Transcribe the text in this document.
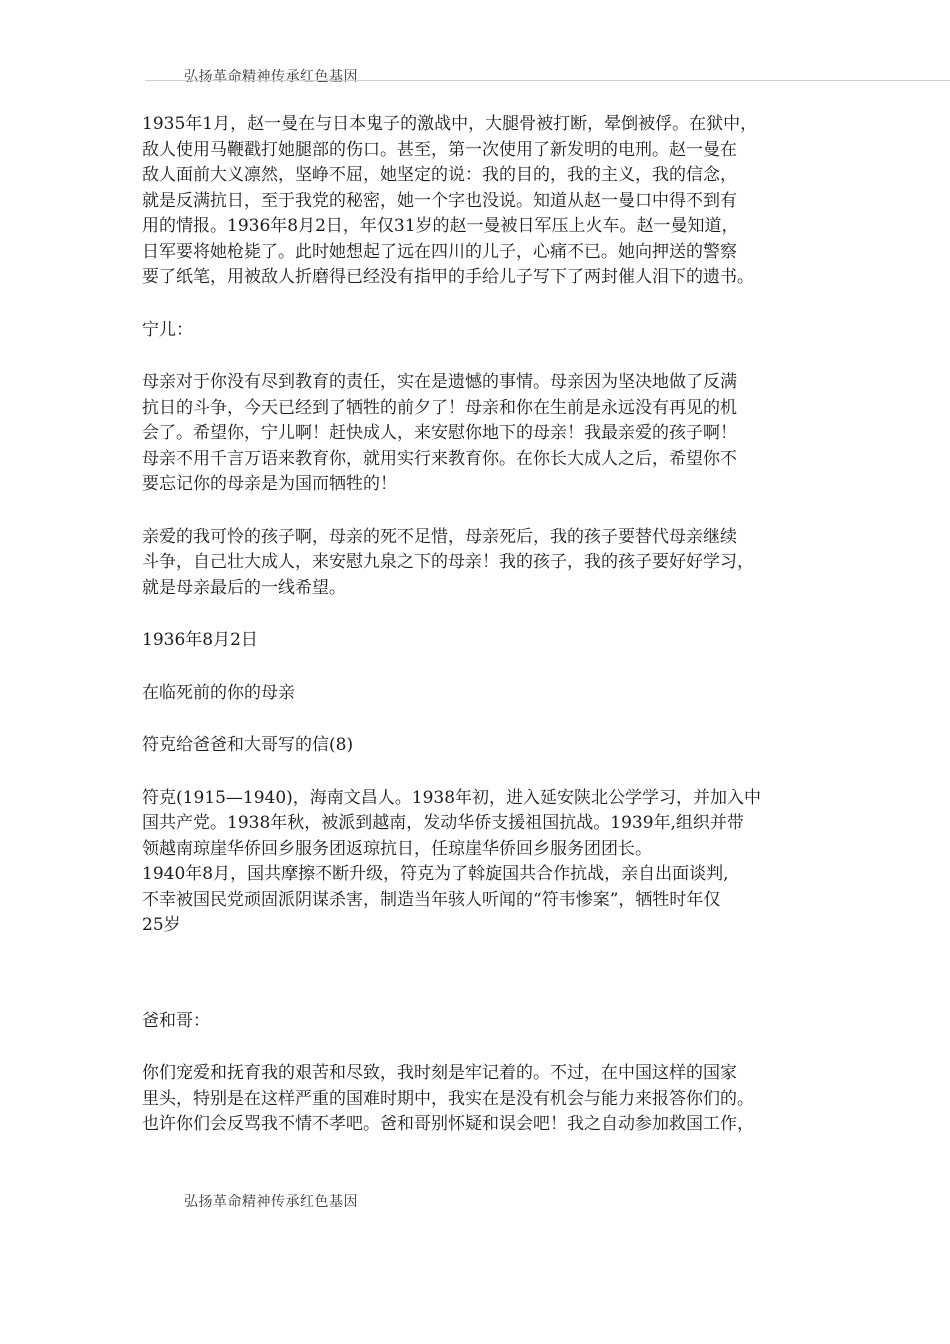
弘扬革命精神传承红色基因

1935年1月，赵一曼在与日本鬼子的激战中，大腿骨被打断，晕倒被俘。在狱中，
敌人使用马鞭戳打她腿部的伤口。甚至，第一次使用了新发明的电刑。赵一曼在
敌人面前大义凛然，坚峥不屈，她坚定的说：我的目的，我的主义，我的信念，
就是反满抗日，至于我党的秘密，她一个字也没说。知道从赵一曼口中得不到有
用的情报。1936年8月2日，年仅31岁的赵一曼被日军压上火车。赵一曼知道，
日军要将她枪毙了。此时她想起了远在四川的儿子，心痛不已。她向押送的警察
要了纸笔，用被敌人折磨得已经没有指甲的手给儿子写下了两封催人泪下的遗书。

宁儿：

母亲对于你没有尽到教育的责任，实在是遗憾的事情。母亲因为坚决地做了反满
抗日的斗争，今天已经到了牺牲的前夕了！母亲和你在生前是永远没有再见的机
会了。希望你，宁儿啊！赶快成人，来安慰你地下的母亲！我最亲爱的孩子啊！
母亲不用千言万语来教育你，就用实行来教育你。在你长大成人之后，希望你不
要忘记你的母亲是为国而牺牲的！

亲爱的我可怜的孩子啊，母亲的死不足惜，母亲死后，我的孩子要替代母亲继续
斗争，自己壮大成人，来安慰九泉之下的母亲！我的孩子，我的孩子要好好学习，
就是母亲最后的一线希望。

1936年8月2日

在临死前的你的母亲

符克给爸爸和大哥写的信(8)

符克(1915—1940)，海南文昌人。1938年初，进入延安陕北公学学习，并加入中
国共产党。1938年秋，被派到越南，发动华侨支援祖国抗战。1939年,组织并带
领越南琼崖华侨回乡服务团返琼抗日，任琼崖华侨回乡服务团团长。

1940年8月，国共摩擦不断升级，符克为了斡旋国共合作抗战，亲自出面谈判,
不幸被国民党顽固派阴谋杀害，制造当年骇人听闻的“符韦惨案”，牺牲时年仅
25岁

爸和哥：

你们宠爱和抚育我的艰苦和尽致，我时刻是牢记着的。不过，在中国这样的国家
里头，特别是在这样严重的国难时期中，我实在是没有机会与能力来报答你们的。
也许你们会反骂我不情不孝吧。爸和哥别怀疑和误会吧！我之自动参加救国工作，

弘扬革命精神传承红色基因
